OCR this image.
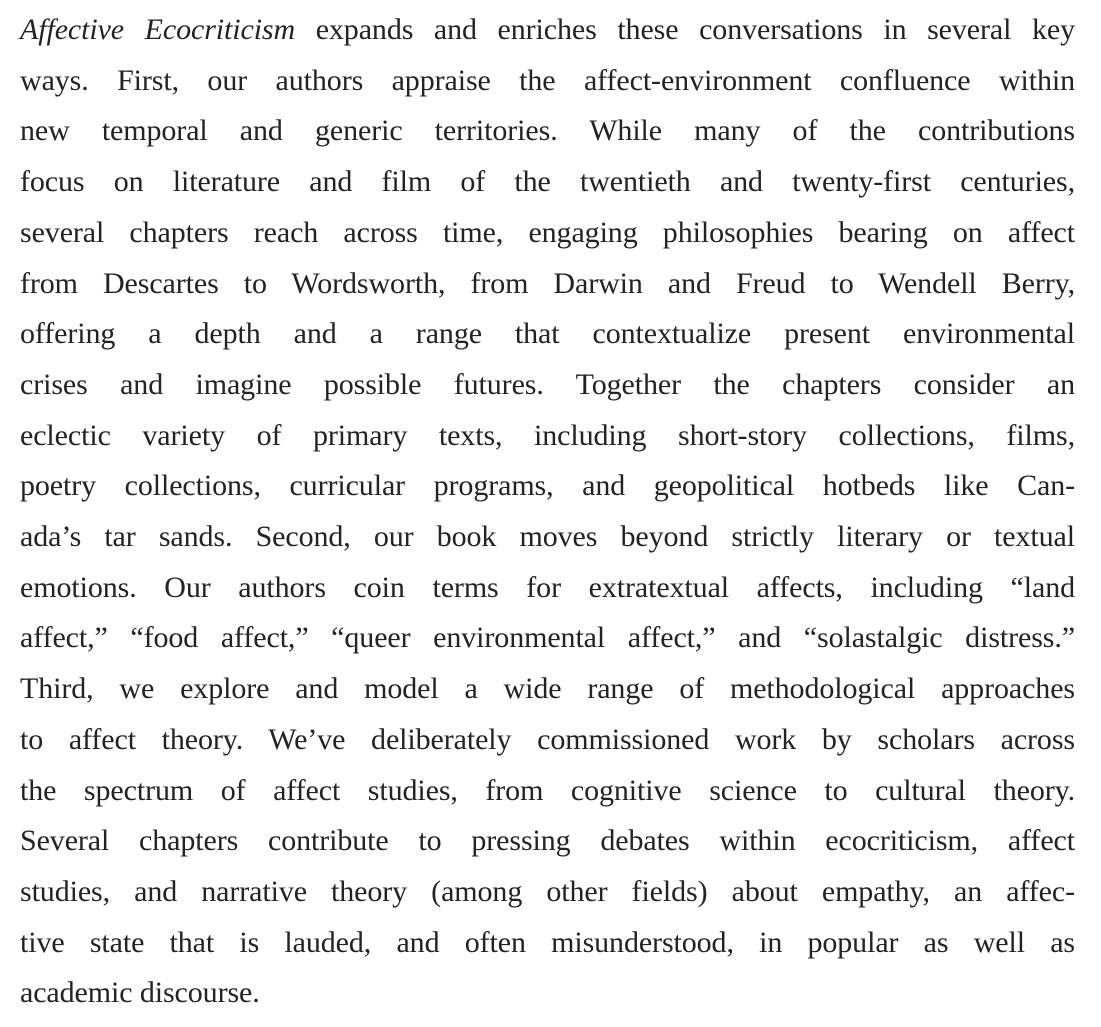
Affective Ecocriticism expands and enriches these conversations in several key
ways. First, our authors appraise the affect-environment confluence within
new temporal and generic territories. While many of the contributions
focus on literature and film of the twentieth and twenty-first centuries,
several chapters reach across time, engaging philosophies bearing on affect
from Descartes to Wordsworth, from Darwin and Freud to Wendell Berry,
offering a depth and a range that contextualize present environmental
crises and imagine possible futures. Together the chapters consider an
eclectic variety of primary texts, including short-story collections, films,
poetry collections, curricular programs, and geopolitical hotbeds like Can-
ada’s tar sands. Second, our book moves beyond strictly literary or textual
emotions. Our authors coin terms for extratextual affects, including “land
affect,” “food affect,” “queer environmental affect,” and “solastalgic distress.”
Third, we explore and model a wide range of methodological approaches
to affect theory. We’ve deliberately commissioned work by scholars across
the spectrum of affect studies, from cognitive science to cultural theory.
Several chapters contribute to pressing debates within ecocriticism, affect
studies, and narrative theory (among other fields) about empathy, an affec-
tive state that is lauded, and often misunderstood, in popular as well as
academic discourse.
